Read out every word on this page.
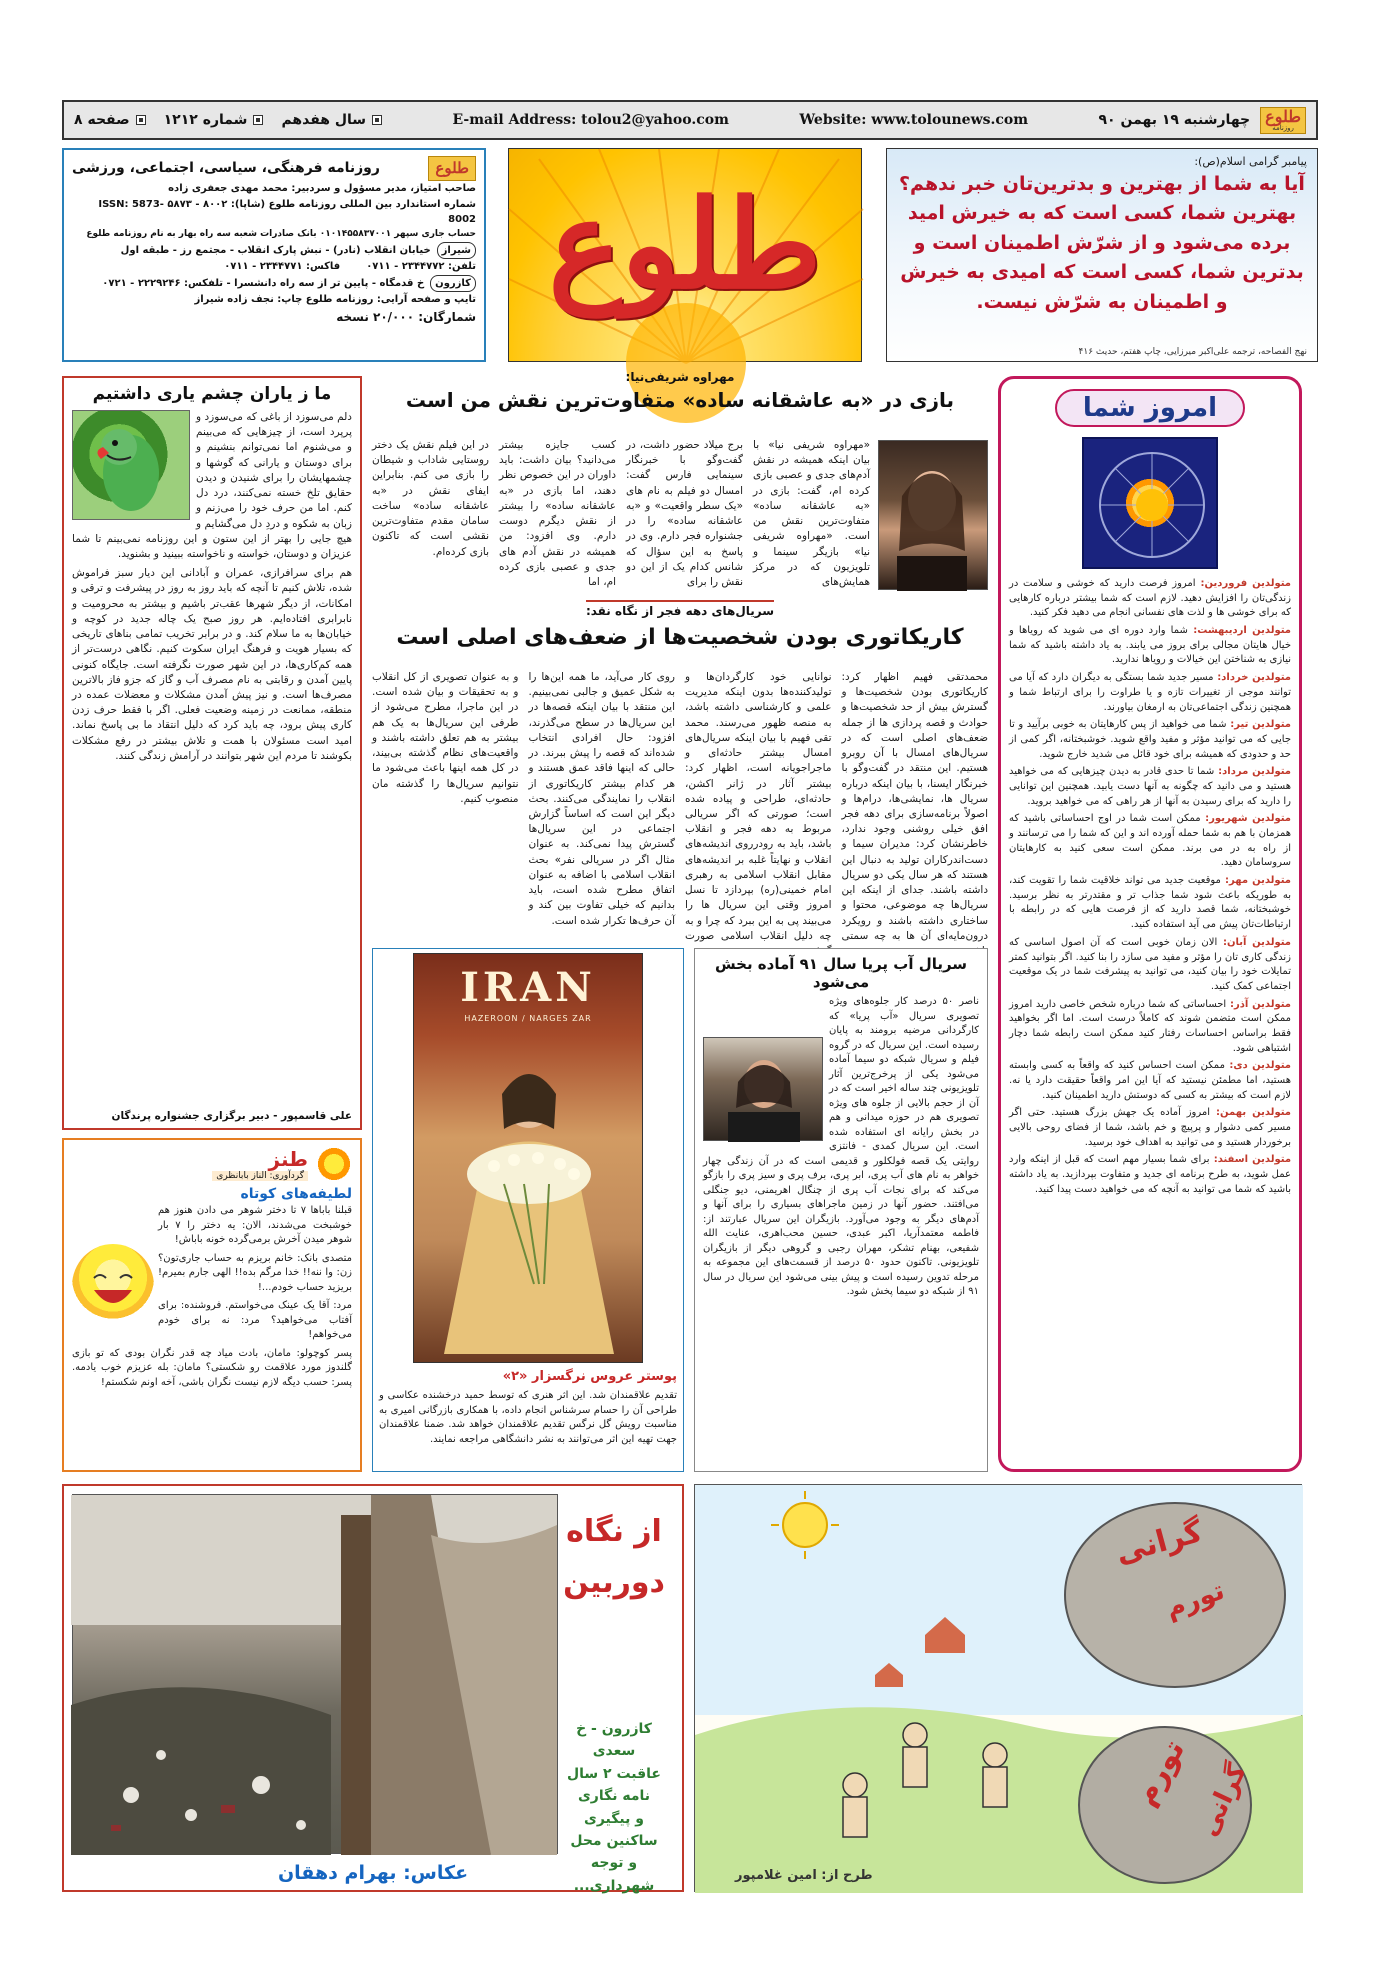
طلوع
روزنامه
چهارشنبه ۱۹ بهمن ۹۰
Website: www.tolounews.com
E-mail Address: tolou2@yahoo.com
سال هفدهم
شماره ۱۲۱۲
صفحه ۸
پیامبر گرامی اسلام(ص):
آیا به شما از بهترین و بدترین‌تان خبر ندهم؟ بهترین شما، کسی است که به خیرش امید برده می‌شود و از شرّش اطمینان است و بدترین شما، کسی است که امیدی به خیرش و اطمینان به شرّش نیست.
نهج الفصاحه، ترجمه علی‌اکبر میرزایی، چاپ هفتم، حدیث ۴۱۶
طلوع
طلوع
روزنامه فرهنگی، سیاسی، اجتماعی، ورزشی
صاحب امتیاز، مدیر مسؤول و سردبیر: محمد مهدی جعفری زاده
شماره استاندارد بین المللی روزنامه طلوع (شاپا): ۸۰۰۲ - ۵۸۷۳ ISSN: 5873-8002
حساب جاری سپهر ۰۱۰۱۴۵۵۸۳۷۰۰۱ بانک صادرات شعبه سه راه بهار به نام روزنامه طلوع
شیراز
خیابان انقلاب (نادر) - نبش پارک انقلاب - مجتمع رز - طبقه اول
تلفن: ۲۳۴۴۷۷۲ - ۰۷۱۱
فاکس: ۲۳۴۴۷۷۱ - ۰۷۱۱
کازرون
خ قدمگاه - پایین تر از سه راه دانشسرا - تلفکس: ۲۲۲۹۲۴۶ - ۰۷۲۱
تایپ و صفحه آرایی: روزنامه طلوع چاپ: نجف زاده شیراز
شمارگان: ۲۰/۰۰۰ نسخه
امروز شما

متولدین فروردین: امروز فرصت دارید که خوشی و سلامت در زندگی‌تان را افزایش دهید. لازم است که شما بیشتر درباره کارهایی که برای خوشی ها و لذت های نفسانی انجام می دهید فکر کنید.

متولدین اردیبهشت: شما وارد دوره ای می شوید که رویاها و خیال هایتان مجالی برای بروز می یابند. به یاد داشته باشید که شما نیازی به شناختن این خیالات و رویاها ندارید.

متولدین خرداد: مسیر جدید شما بستگی به دیگران دارد که آیا می توانند موجی از تغییرات تازه و یا طراوت را برای ارتباط شما و همچنین زندگی اجتماعی‌تان به ارمغان بیاورند.

متولدین تیر: شما می خواهید از پس کارهایتان به خوبی برآیید و تا جایی که می توانید مؤثر و مفید واقع شوید. خوشبختانه، اگر کمی از حد و حدودی که همیشه برای خود قائل می شدید خارج شوید.

متولدین مرداد: شما تا حدی قادر به دیدن چیزهایی که می خواهید هستید و می دانید که چگونه به آنها دست یابید. همچنین این توانایی را دارید که برای رسیدن به آنها از هر راهی که می خواهید بروید.

متولدین شهریور: ممکن است شما در اوج احساساتی باشید که همزمان با هم به شما حمله آورده اند و این که شما را می ترسانند و از راه به در می برند. ممکن است سعی کنید به کارهایتان سروسامان دهید.

متولدین مهر: موقعیت جدید می تواند خلاقیت شما را تقویت کند، به طوریکه باعث شود شما جذاب تر و مقتدرتر به نظر برسید. خوشبختانه، شما قصد دارید که از فرصت هایی که در رابطه با ارتباطات‌تان پیش می آید استفاده کنید.

متولدین آبان: الان زمان خوبی است که آن اصول اساسی که زندگی کاری تان را مؤثر و مفید می سازد را بنا کنید. اگر بتوانید کمتر تمایلات خود را بیان کنید، می توانید به پیشرفت شما در یک موقعیت اجتماعی کمک کنید.

متولدین آذر: احساساتی که شما درباره شخص خاصی دارید امروز ممکن است متضمن شوند که کاملاً درست است. اما اگر بخواهید فقط براساس احساسات رفتار کنید ممکن است رابطه شما دچار اشتباهی شود.

متولدین دی: ممکن است احساس کنید که واقعاً به کسی وابسته هستید، اما مطمئن نیستید که آیا این امر واقعاً حقیقت دارد یا نه. لازم است که بیشتر به کسی که دوستش دارید اطمینان کنید.

متولدین بهمن: امروز آماده یک جهش بزرگ هستید. حتی اگر مسیر کمی دشوار و پرپیچ و خم باشد، شما از فضای روحی بالایی برخوردار هستید و می توانید به اهداف خود برسید.

متولدین اسفند: برای شما بسیار مهم است که قبل از اینکه وارد عمل شوید، به طرح برنامه ای جدید و متفاوت بپردازید. به یاد داشته باشید که شما می توانید به آنچه که می خواهید دست پیدا کنید.

مهراوه شریفی‌نیا:
بازی در «به عاشقانه ساده» متفاوت‌ترین نقش من است
«مهراوه شریفی نیا» با بیان اینکه همیشه در نقش آدم‌های جدی و عصبی بازی کرده ام، گفت: بازی در «به عاشقانه ساده» متفاوت‌ترین نقش من است. «مهراوه شریفی نیا» بازیگر سینما و تلویزیون که در مرکز همایش‌های
برج میلاد حضور داشت، در گفت‌وگو با خبرنگار سینمایی فارس گفت: امسال دو فیلم به نام های «یک سطر واقعیت» و «به عاشقانه ساده» را در جشنواره فجر دارم. وی در پاسخ به این سؤال که شانس کدام یک از این دو نقش را برای
کسب جایزه بیشتر می‌دانید؟ بیان داشت: باید داوران در این خصوص نظر دهند، اما بازی در «به عاشقانه ساده» را بیشتر از نقش دیگرم دوست دارم. وی افزود: من همیشه در نقش آدم های جدی و عصبی بازی کرده ام، اما
در این فیلم نقش یک دختر روستایی شاداب و شیطان را بازی می کنم. بنابراین ایفای نقش در «به عاشقانه ساده» ساخت سامان مقدم متفاوت‌ترین نقشی است که تاکنون بازی کرده‌ام.
سریال‌های دهه فجر از نگاه نقد:
کاریکاتوری بودن شخصیت‌ها از ضعف‌های اصلی است
محمدتقی فهیم اظهار کرد: کاریکاتوری بودن شخصیت‌ها و گسترش بیش از حد شخصیت‌ها و حوادث و قصه پردازی ها از جمله ضعف‌های اصلی است که در سریال‌های امسال با آن روبرو هستیم. این منتقد در گفت‌وگو با خبرنگار ایسنا، با بیان اینکه درباره سریال ها، نمایشی‌ها، درام‌ها و اصولاً برنامه‌سازی برای دهه فجر افق خیلی روشنی وجود ندارد، خاطرنشان کرد: مدیران سیما و دست‌اندرکاران تولید به دنبال این هستند که هر سال یکی دو سریال داشته باشند. جدای از اینکه این سریال‌ها چه موضوعی، محتوا و ساختاری داشته باشند و رویکرد درون‌مایه‌ای آن ها به چه سمتی
نوانایی خود کارگردان‌ها و تولیدکننده‌ها بدون اینکه مدیریت علمی و کارشناسی داشته باشد، به منصه ظهور می‌رسند. محمد تقی فهیم با بیان اینکه سریال‌های امسال بیشتر حادثه‌ای و ماجراجویانه است، اظهار کرد: بیشتر آثار در ژانر اکشن، حادثه‌ای، طراحی و پیاده شده است؛ صورتی که اگر سریالی مربوط به دهه فجر و انقلاب باشد، باید به رودرروی اندیشه‌های انقلاب و نهایتاً غلبه بر اندیشه‌های مقابل انقلاب اسلامی به رهبری امام خمینی(ره) بپردازد تا نسل امروز وقتی این سریال ها را می‌بیند پی به این ببرد که چرا و به چه دلیل انقلاب اسلامی صورت
روی کار می‌آید، ما همه این‌ها را به شکل عمیق و جالبی نمی‌بینیم. این منتقد با بیان اینکه قصه‌ها در این سریال‌ها در سطح می‌گذرند، افزود: حال افرادی انتخاب شده‌اند که قصه را پیش ببرند. در حالی که اینها فاقد عمق هستند و هر کدام بیشتر کاریکاتوری از انقلاب را نمایندگی می‌کنند. بحث دیگر این است که اساساً گزارش اجتماعی در این سریال‌ها گسترش پیدا نمی‌کند. به عنوان مثال اگر در سریالی نفر» بحث انقلاب اسلامی با اضافه به عنوان اتفاق مطرح شده است، باید بدانیم که خیلی تفاوت بین کند و آن حرف‌ها تکرار شده است.
و به عنوان تصویری از کل انقلاب و به تحقیقات و بیان شده است. در این ماجرا، مطرح می‌شود از طرفی این سریال‌ها به یک هم بیشتر به هم تعلق داشته باشند و واقعیت‌های نظام گذشته بی‌بیند، در کل همه اینها باعث می‌شود ما نتوانیم سریال‌ها را گذشته مان منصوب کنیم.
ما ز یاران چشم یاری داشتیم
دلم می‌سوزد از باغی که می‌سوزد و پرپرد است، از چیزهایی که می‌بینم و می‌شنوم اما نمی‌توانم بنشینم و برای دوستان و یارانی که گوشها و چشمهایشان را برای شنیدن و دیدن حقایق تلخ خسته نمی‌کنند، درد دل کنم. اما من حرف خود را می‌زنم و زبان به شکوه و دردِ دل می‌گشایم و هیچ جایی را بهتر از این ستون و این روزنامه نمی‌بینم تا شما عزیزان و دوستان، خواسته و ناخواسته ببینید و بشنوید.
هم برای سرافرازی، عمران و آبادانی این دیار سبز فراموش شده، تلاش کنیم تا آنچه که باید روز به روز در پیشرفت و ترقی و امکانات، از دیگر شهرها عقب‌تر باشیم و بیشتر به محرومیت و نابرابری افتاده‌ایم. هر روز صبح یک چاله جدید در کوچه و خیابان‌ها به ما سلام کند. و در برابر تخریب تمامی بناهای تاریخی که بسیار هویت و فرهنگ ایران سکوت کنیم. نگاهی درست‌تر از همه کم‌کاری‌ها، در این شهر صورت نگرفته است. جایگاه کنونی پایین آمدن و رقابتی به نام مصرف آب و گاز که جزو فاز بالاترین مصرف‌ها است. و نیز پیش آمدن مشکلات و معضلات عمده در منطقه، ممانعت در زمینه وضعیت فعلی. اگر با فقط حرف زدن کاری پیش برود، چه باید کرد که دلیل انتقاد ما بی پاسخ نماند. امید است مسئولان با همت و تلاش بیشتر در رفع مشکلات بکوشند تا مردم این شهر بتوانند در آرامش زندگی کنند.
علی قاسمپور - دبیر برگزاری جشنواره پرندگان
طنز
گردآوری: الناز بابانظری
لطیفه‌های کوتاه

قبلنا باباها ۷ تا دختر شوهر می دادن هنوز هم خوشبخت می‌شدند، الان: یه دختر را ۷ بار شوهر میدن آخرش برمی‌گرده خونه باباش!

متصدی بانک: خانم بریزم به حساب جاری‌تون؟ زن: وا ننه!! خدا مرگم بده!! الهی جارم بمیرم! بریزید حساب خودم...!

مرد: آقا یک عینک می‌خواستم. فروشنده: برای آفتاب می‌خواهید؟ مرد: نه برای خودم می‌خواهم!

پسر کوچولو: مامان، بادت میاد چه قدر نگران بودی که تو بازی گلندوز مورد علاقمت رو شکستی؟ مامان: بله عزیزم خوب یادمه. پسر: حسب دیگه لازم نیست نگران باشی، آخه اونم شکستم!

IRAN
HAZEROON / NARGES ZAR
پوستر عروس نرگسزار «۲»
تقدیم علاقمندان شد. این اثر هنری که توسط حمید درخشنده عکاسی و طراحی آن را حسام سرشناس انجام داده، با همکاری بازرگانی امیری به مناسبت رویش گل نرگس تقدیم علاقمندان خواهد شد. ضمنا علاقمندان جهت تهیه این اثر می‌توانند به نشر دانشگاهی مراجعه نمایند.
سریال آب پریا سال ۹۱ آماده بخش می‌شود
ناصر ۵۰ درصد کار جلوه‌های ویژه تصویری سریال «آب پریا» که کارگردانی مرضیه برومند به پایان رسیده است. این سریال که در گروه فیلم و سریال شبکه دو سیما آماده می‌شود یکی از پرخرج‌ترین آثار تلویزیونی چند ساله اخیر است که در آن از حجم بالایی از جلوه های ویژه تصویری هم در حوزه میدانی و هم در بخش رایانه ای استفاده شده است. این سریال کمدی - فانتزی روایتی یک قصه فولکلور و قدیمی است که در آن زندگی چهار خواهر به نام های آب پری، ابر پری، برف پری و سیز پری را بازگو می‌کند که برای نجات آب پری از چنگال اهریمنی، دیو جنگلی می‌افتند. حضور آنها در زمین ماجراهای بسیاری را برای آنها و آدم‌های دیگر به وجود می‌آورد. بازیگران این سریال عبارتند از: فاطمه معتمدآریا، اکبر عبدی، حسین محب‌اهری، عنایت الله شفیعی، بهنام تشکر، مهران رجبی و گروهی دیگر از بازیگران تلویزیونی. تاکنون حدود ۵۰ درصد از قسمت‌های این مجموعه به مرحله تدوین رسیده است و پیش بینی می‌شود این سریال در سال ۹۱ از شبکه دو سیما پخش شود.
از نگاه دوربین
کازرون - خ سعدی
عاقبت ۲ سال
نامه نگاری
و پیگیری
ساکنین محل
و توجه شهرداری...
عکاس: بهرام دهقان
گرانی
تورم
تورم گرانی
طرح از: امین غلامپور
